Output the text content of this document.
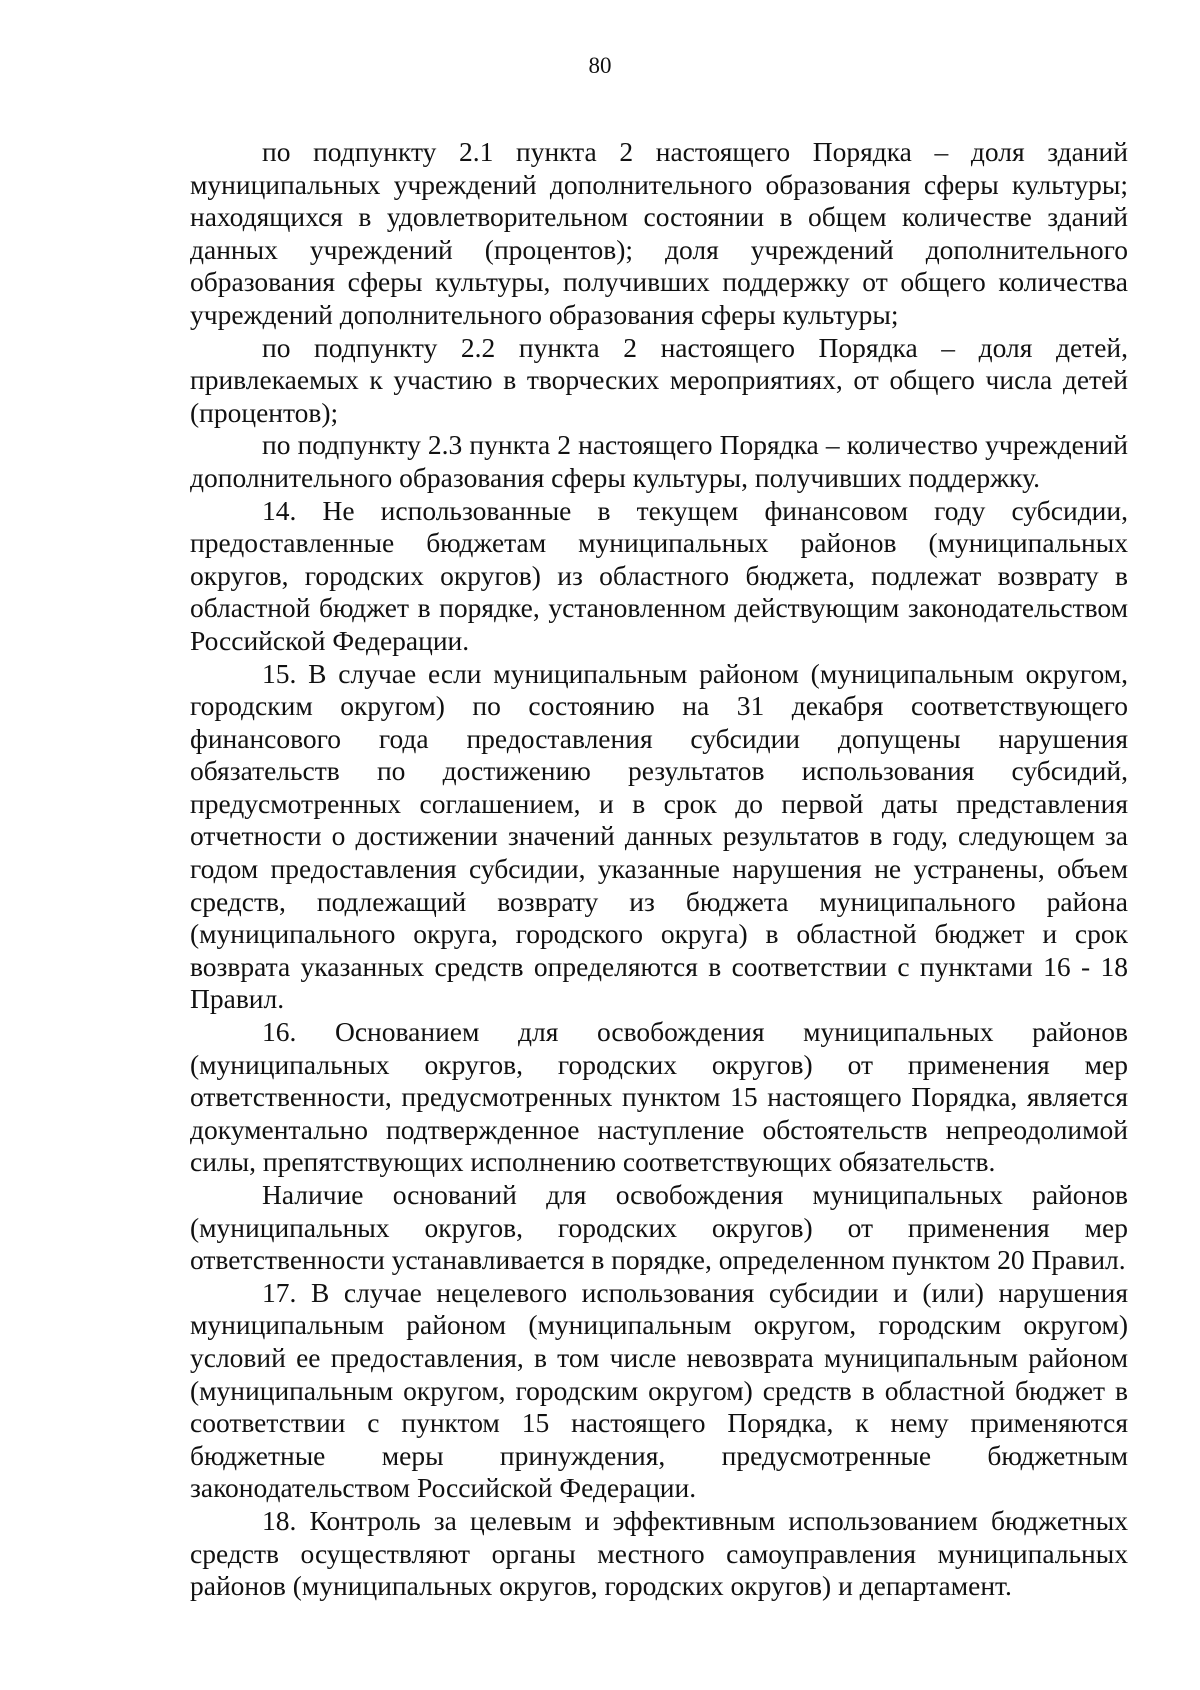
80

по подпункту 2.1 пункта 2 настоящего Порядка – доля зданий муниципальных учреждений дополнительного образования сферы культуры; находящихся в удовлетворительном состоянии в общем количестве зданий данных учреждений (процентов); доля учреждений дополнительного образования сферы культуры, получивших поддержку от общего количества учреждений дополнительного образования сферы культуры;

по подпункту 2.2 пункта 2 настоящего Порядка – доля детей, привлекаемых к участию в творческих мероприятиях, от общего числа детей (процентов);

по подпункту 2.3 пункта 2 настоящего Порядка – количество учреждений дополнительного образования сферы культуры, получивших поддержку.

14. Не использованные в текущем финансовом году субсидии, предоставленные бюджетам муниципальных районов (муниципальных округов, городских округов) из областного бюджета, подлежат возврату в областной бюджет в порядке, установленном действующим законодательством Российской Федерации.

15. В случае если муниципальным районом (муниципальным округом, городским округом) по состоянию на 31 декабря соответствующего финансового года предоставления субсидии допущены нарушения обязательств по достижению результатов использования субсидий, предусмотренных соглашением, и в срок до первой даты представления отчетности о достижении значений данных результатов в году, следующем за годом предоставления субсидии, указанные нарушения не устранены, объем средств, подлежащий возврату из бюджета муниципального района (муниципального округа, городского округа) в областной бюджет и срок возврата указанных средств определяются в соответствии с пунктами 16 - 18 Правил.

16. Основанием для освобождения муниципальных районов (муниципальных округов, городских округов) от применения мер ответственности, предусмотренных пунктом 15 настоящего Порядка, является документально подтвержденное наступление обстоятельств непреодолимой силы, препятствующих исполнению соответствующих обязательств.

Наличие оснований для освобождения муниципальных районов (муниципальных округов, городских округов) от применения мер ответственности устанавливается в порядке, определенном пунктом 20 Правил.

17. В случае нецелевого использования субсидии и (или) нарушения муниципальным районом (муниципальным округом, городским округом) условий ее предоставления, в том числе невозврата муниципальным районом (муниципальным округом, городским округом) средств в областной бюджет в соответствии с пунктом 15 настоящего Порядка, к нему применяются бюджетные меры принуждения, предусмотренные бюджетным законодательством Российской Федерации.

18. Контроль за целевым и эффективным использованием бюджетных средств осуществляют органы местного самоуправления муниципальных районов (муниципальных округов, городских округов) и департамент.
